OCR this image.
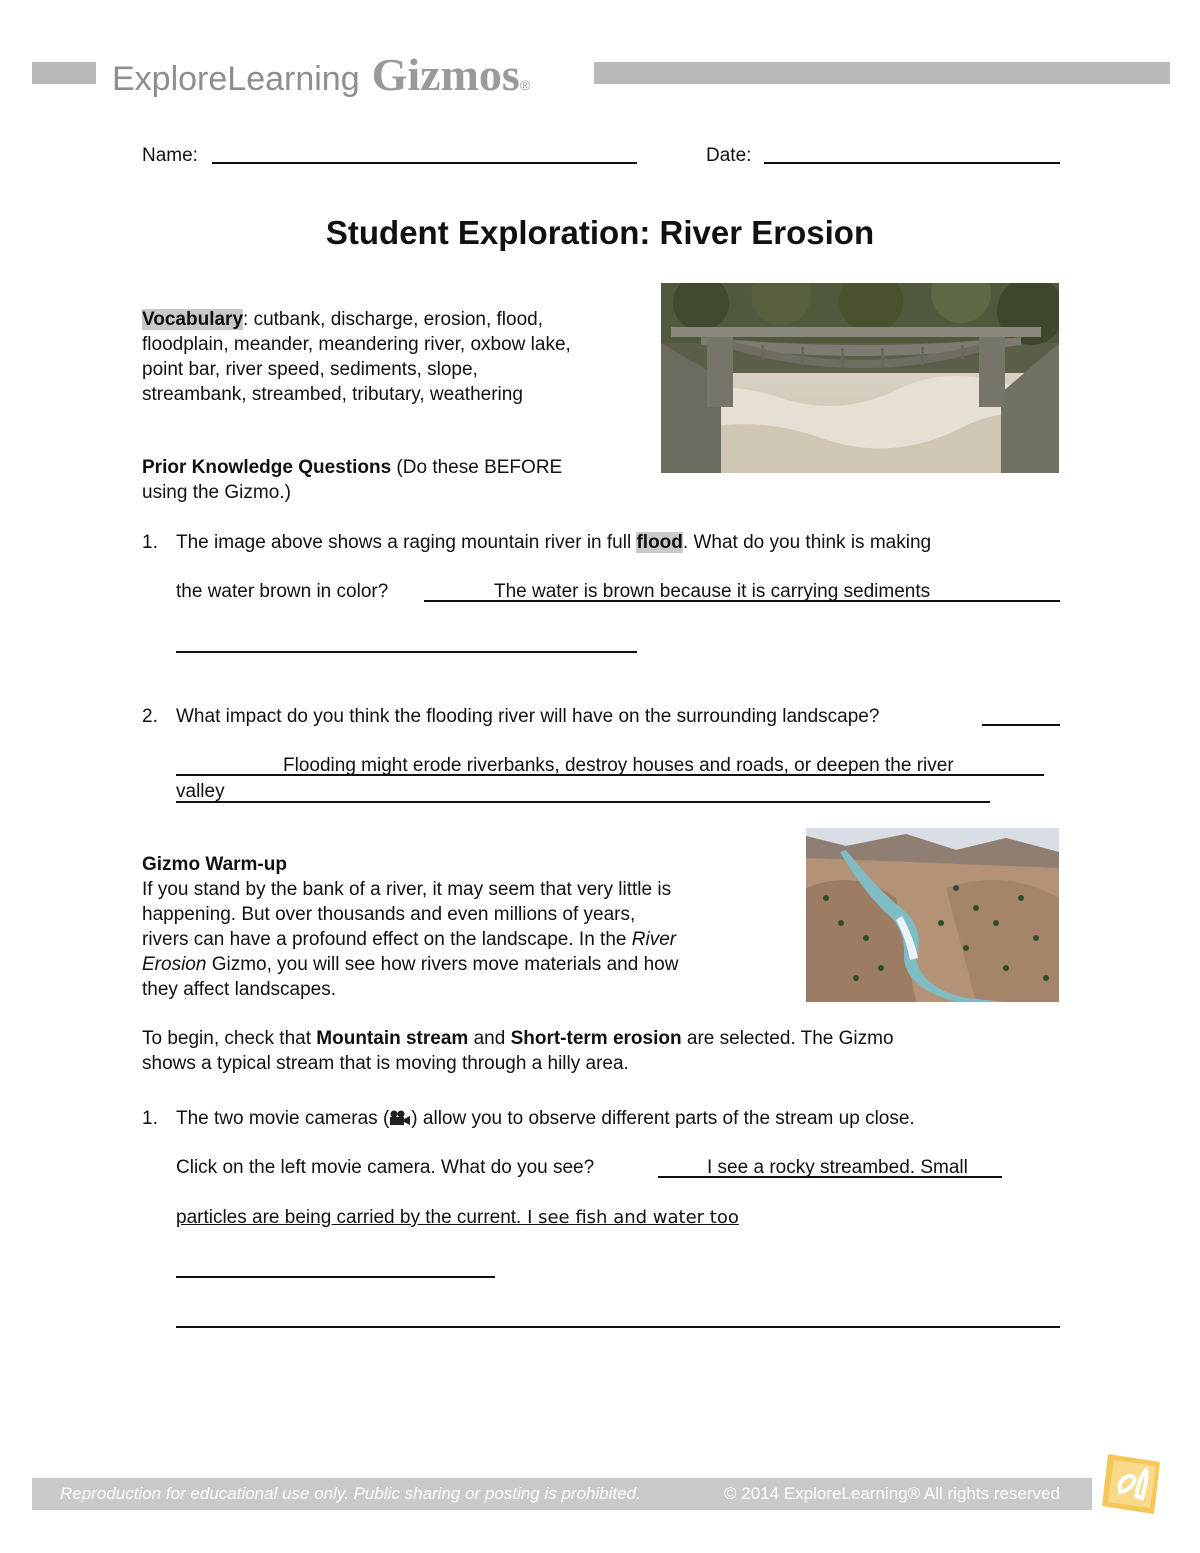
ExploreLearning Gizmos ®
Name:	Date:
Student Exploration: River Erosion
Vocabulary: cutbank, discharge, erosion, flood,
floodplain, meander, meandering river, oxbow lake,
point bar, river speed, sediments, slope,
streambank, streambed, tributary, weathering
Prior Knowledge Questions (Do these BEFORE
using the Gizmo.)
1. The image above shows a raging mountain river in full flood. What do you think is making
the water brown in color?	The water is brown because it is carrying sediments
2. What impact do you think the flooding river will have on the surrounding landscape?
Flooding might erode riverbanks, destroy houses and roads, or deepen the river
valley
Gizmo Warm-up
If you stand by the bank of a river, it may seem that very little is
happening. But over thousands and even millions of years,
rivers can have a profound effect on the landscape. In the River
Erosion Gizmo, you will see how rivers move materials and how
they affect landscapes.
To begin, check that Mountain stream and Short-term erosion are selected. The Gizmo
shows a typical stream that is moving through a hilly area.
1. The two movie cameras ( ) allow you to observe different parts of the stream up close.
Click on the left movie camera. What do you see?	I see a rocky streambed. Small
particles are being carried by the current. I see fish and water too
Reproduction for educational use only. Public sharing or posting is prohibited.	© 2014 ExploreLearning® All rights reserved
